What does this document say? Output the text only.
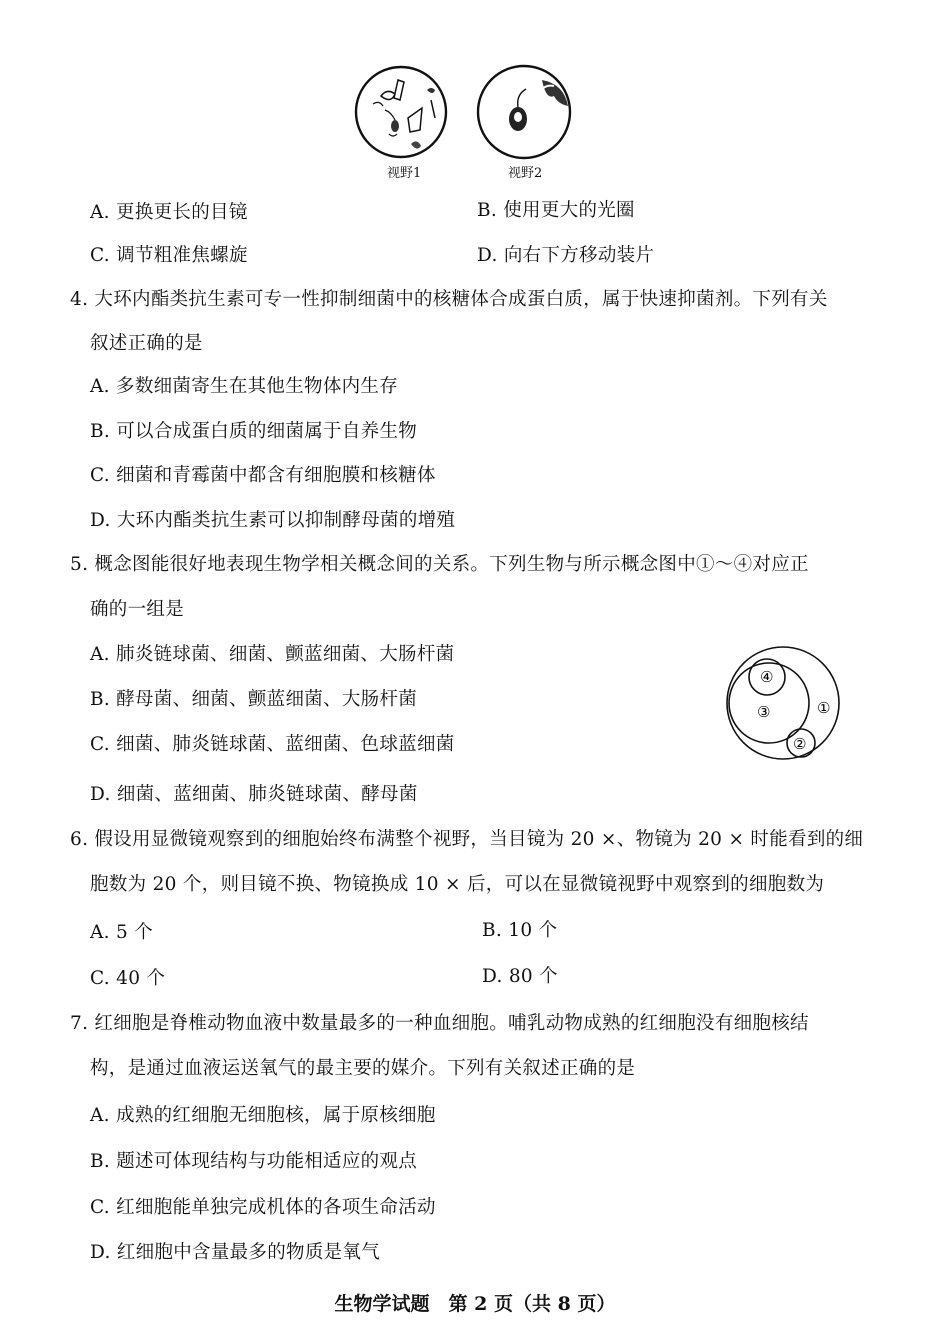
视野1	视野2
A. 更换更长的目镜	B. 使用更大的光圈
C. 调节粗准焦螺旋	D. 向右下方移动装片
4. 大环内酯类抗生素可专一性抑制细菌中的核糖体合成蛋白质，属于快速抑菌剂。下列有关
叙述正确的是
A. 多数细菌寄生在其他生物体内生存
B. 可以合成蛋白质的细菌属于自养生物
C. 细菌和青霉菌中都含有细胞膜和核糖体
D. 大环内酯类抗生素可以抑制酵母菌的增殖
5. 概念图能很好地表现生物学相关概念间的关系。下列生物与所示概念图中①～④对应正
确的一组是
A. 肺炎链球菌、细菌、颤蓝细菌、大肠杆菌
B. 酵母菌、细菌、颤蓝细菌、大肠杆菌
C. 细菌、肺炎链球菌、蓝细菌、色球蓝细菌
D. 细菌、蓝细菌、肺炎链球菌、酵母菌
④
③	①
②
6. 假设用显微镜观察到的细胞始终布满整个视野，当目镜为 20 ×、物镜为 20 × 时能看到的细
胞数为 20 个，则目镜不换、物镜换成 10 × 后，可以在显微镜视野中观察到的细胞数为
A. 5 个	B. 10 个
C. 40 个	D. 80 个
7. 红细胞是脊椎动物血液中数量最多的一种血细胞。哺乳动物成熟的红细胞没有细胞核结
构，是通过血液运送氧气的最主要的媒介。下列有关叙述正确的是
A. 成熟的红细胞无细胞核，属于原核细胞
B. 题述可体现结构与功能相适应的观点
C. 红细胞能单独完成机体的各项生命活动
D. 红细胞中含量最多的物质是氧气
生物学试题　第 2 页（共 8 页）
